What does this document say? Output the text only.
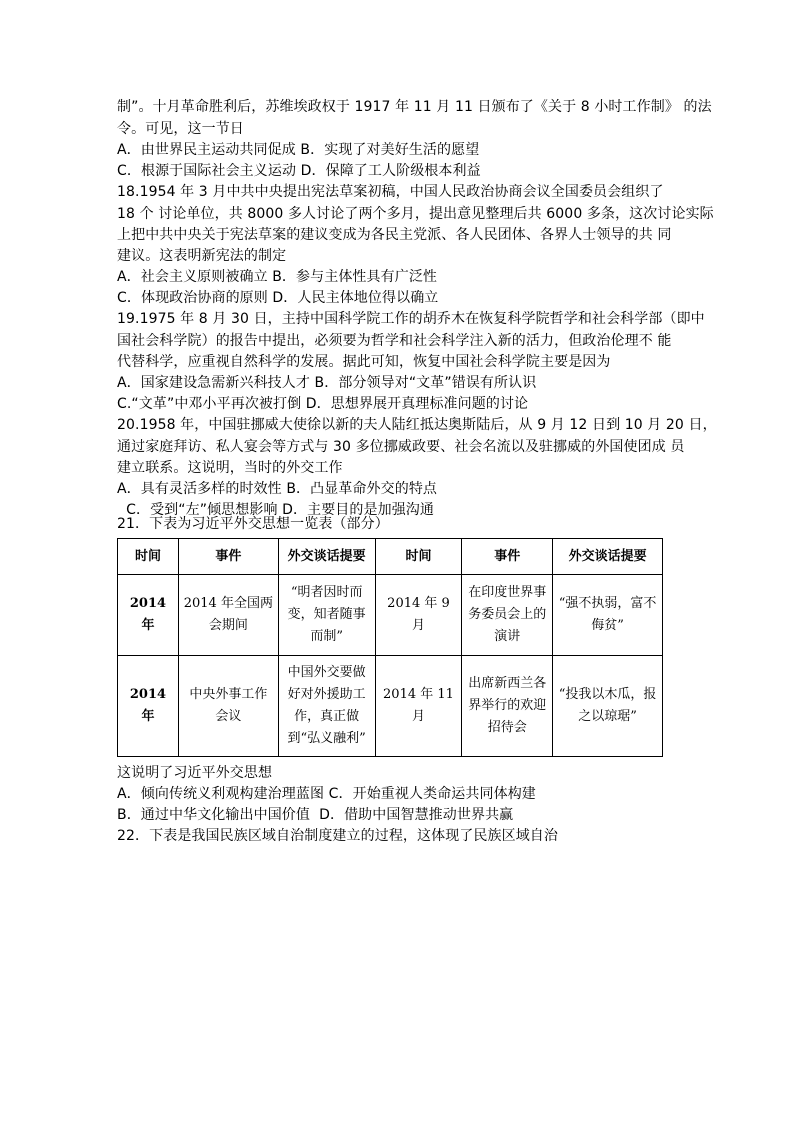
制”。十月革命胜利后，苏维埃政权于 1917 年 11 月 11 日颁布了《关于 8 小时工作制》 的法
令。可见，这一节日
A．由世界民主运动共同促成 B．实现了对美好生活的愿望
C．根源于国际社会主义运动 D．保障了工人阶级根本利益
18.1954 年 3 月中共中央提出宪法草案初稿，中国人民政治协商会议全国委员会组织了
18 个 讨论单位，共 8000 多人讨论了两个多月，提出意见整理后共 6000 多条，这次讨论实际
上把中共中央关于宪法草案的建议变成为各民主党派、各人民团体、各界人士领导的共 同
建议。这表明新宪法的制定
A．社会主义原则被确立 B．参与主体性具有广泛性
C．体现政治协商的原则 D．人民主体地位得以确立
19.1975 年 8 月 30 日，主持中国科学院工作的胡乔木在恢复科学院哲学和社会科学部（即中
国社会科学院）的报告中提出，必须要为哲学和社会科学注入新的活力，但政治伦理不 能
代替科学，应重视自然科学的发展。据此可知，恢复中国社会科学院主要是因为
A．国家建设急需新兴科技人才 B．部分领导对“文革”错误有所认识
C.“文革”中邓小平再次被打倒 D．思想界展开真理标准问题的讨论
20.1958 年，中国驻挪威大使徐以新的夫人陆红抵达奥斯陆后，从 9 月 12 日到 10 月 20 日，
通过家庭拜访、私人宴会等方式与 30 多位挪威政要、社会名流以及驻挪威的外国使团成 员
建立联系。这说明，当时的外交工作
A．具有灵活多样的时效性 B．凸显革命外交的特点
C．受到“左”倾思想影响 D．主要目的是加强沟通
21．下表为习近平外交思想一览表（部分）
时间	事件	外交谈话提要	时间	事件	外交谈话提要
2014 年	2014 年全国两会期间	“明者因时而变，知者随事而制”	2014 年 9 月	在印度世界事务委员会上的演讲	“强不执弱，富不侮贫”
2014 年	中央外事工作会议	中国外交要做好对外援助工作，真正做到“弘义融利”	2014 年 11 月	出席新西兰各界举行的欢迎招待会	“投我以木瓜，报之以琼琚”
这说明了习近平外交思想
A．倾向传统义利观构建治理蓝图 C．开始重视人类命运共同体构建
B．通过中华文化输出中国价值  D．借助中国智慧推动世界共赢
22．下表是我国民族区域自治制度建立的过程，这体现了民族区域自治
